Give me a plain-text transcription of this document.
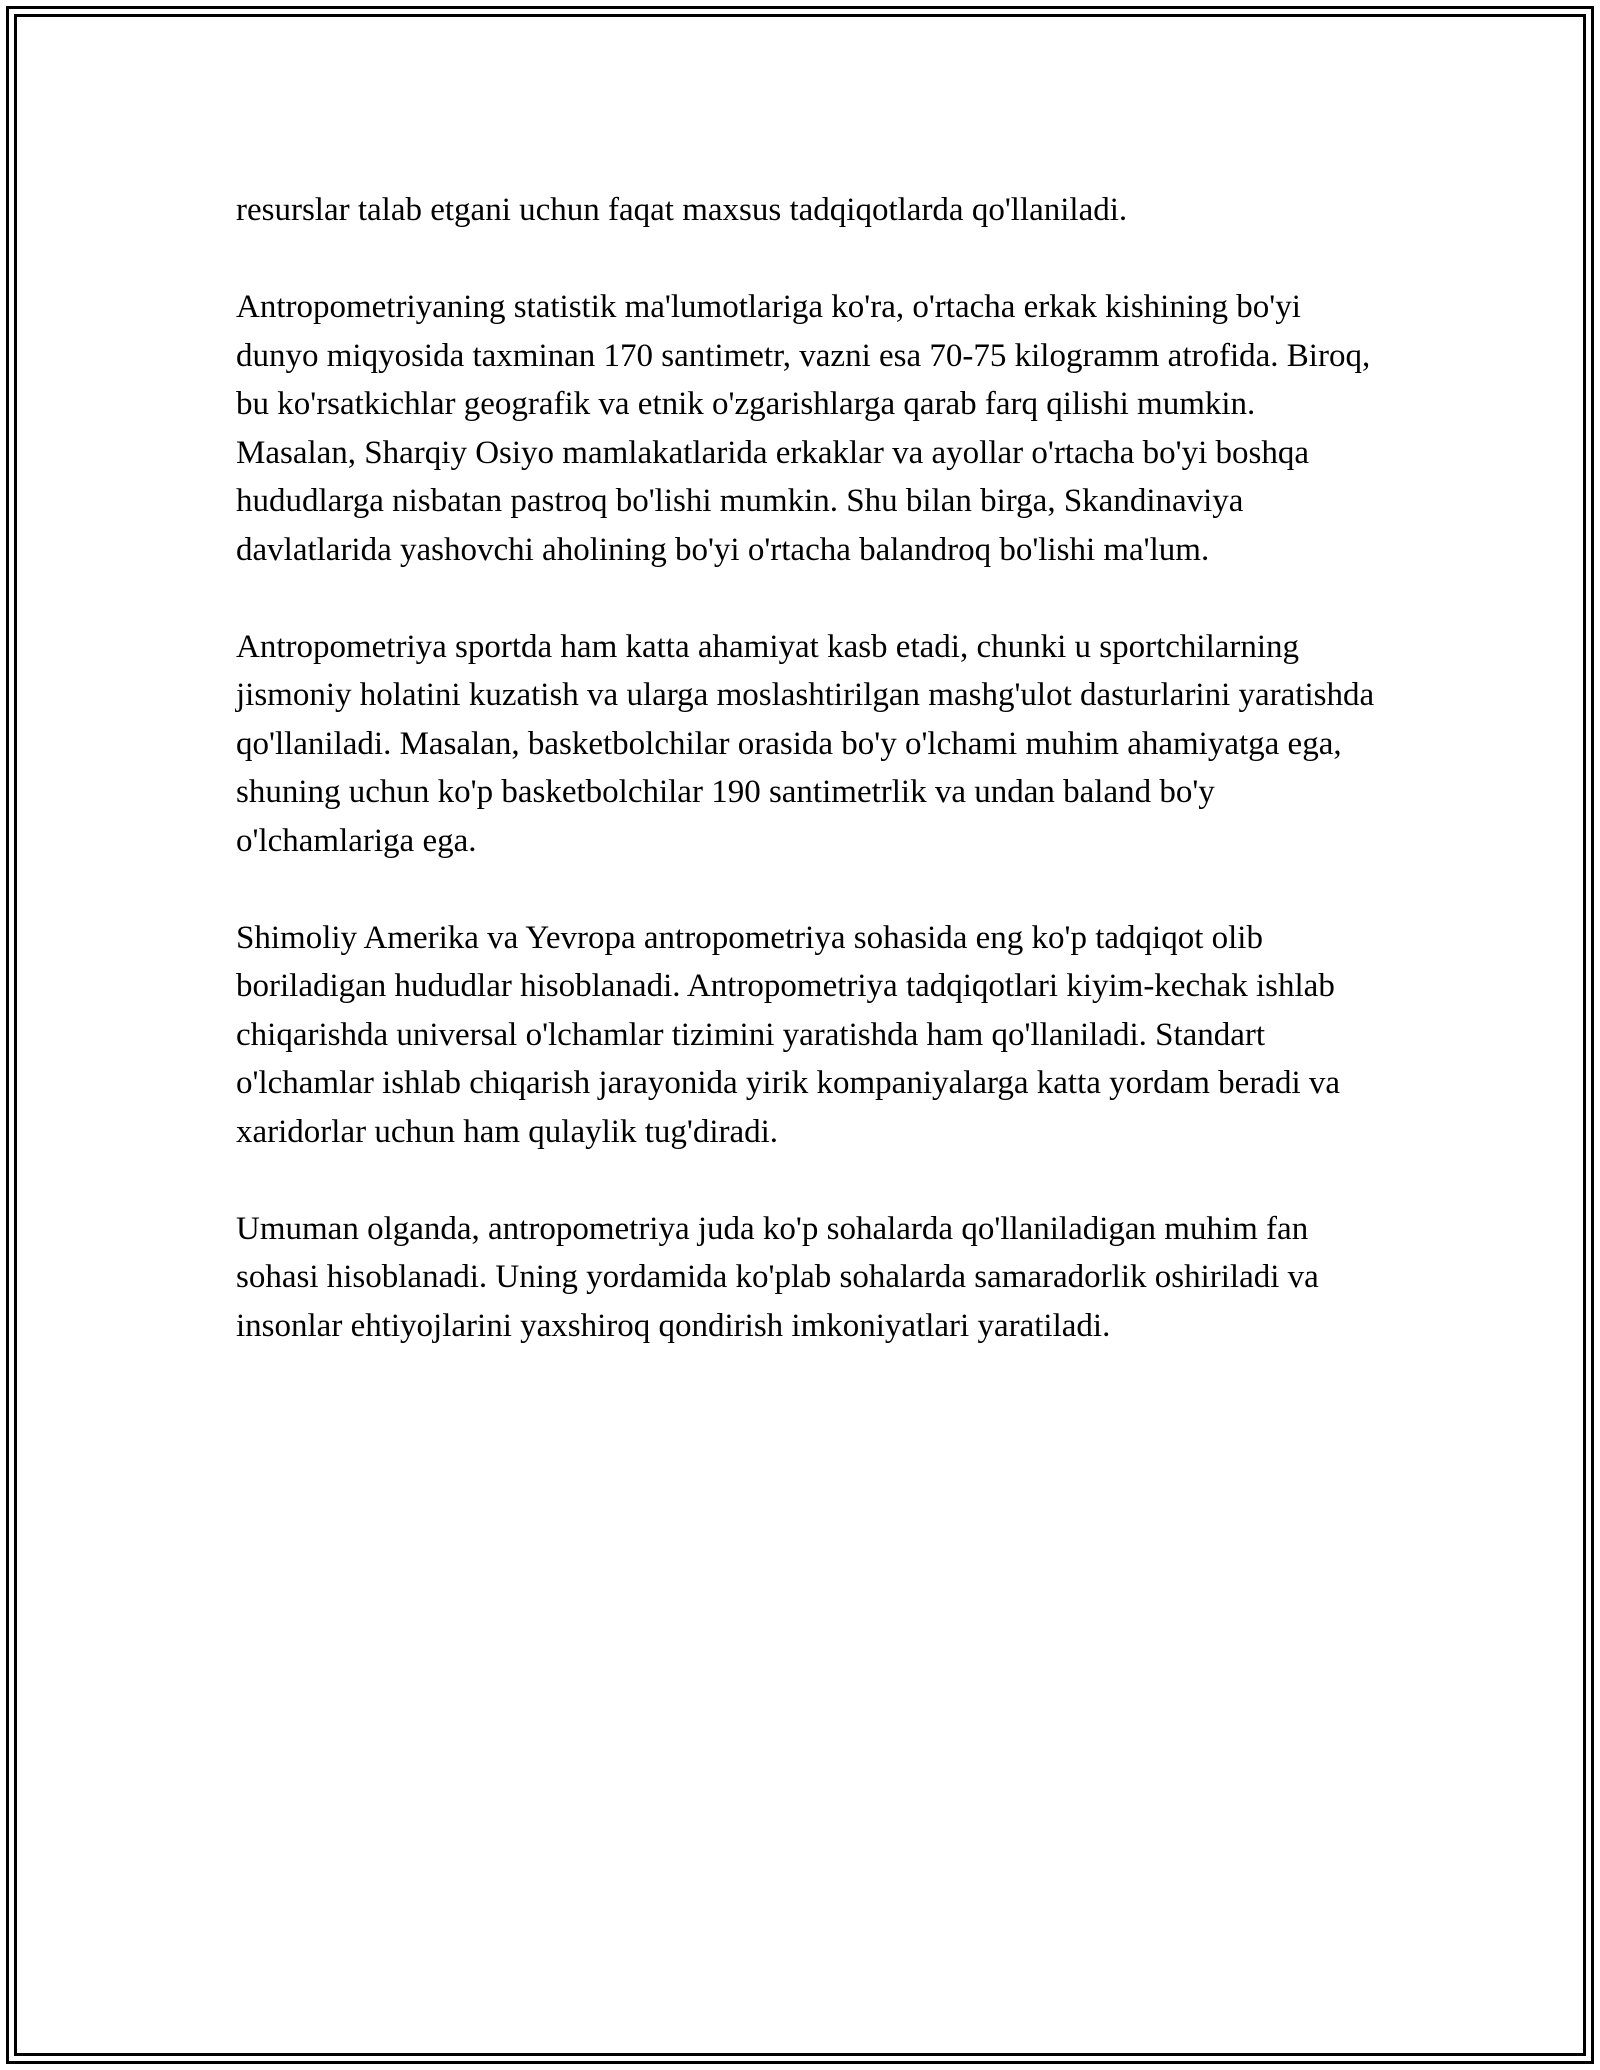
resurslar talab etgani uchun faqat maxsus tadqiqotlarda qo'llaniladi.

Antropometriyaning statistik ma'lumotlariga ko'ra, o'rtacha erkak kishining bo'yi dunyo miqyosida taxminan 170 santimetr, vazni esa 70-75 kilogramm atrofida. Biroq, bu ko'rsatkichlar geografik va etnik o'zgarishlarga qarab farq qilishi mumkin. Masalan, Sharqiy Osiyo mamlakatlarida erkaklar va ayollar o'rtacha bo'yi boshqa hududlarga nisbatan pastroq bo'lishi mumkin. Shu bilan birga, Skandinaviya davlatlarida yashovchi aholining bo'yi o'rtacha balandroq bo'lishi ma'lum.

Antropometriya sportda ham katta ahamiyat kasb etadi, chunki u sportchilarning jismoniy holatini kuzatish va ularga moslashtirilgan mashg'ulot dasturlarini yaratishda qo'llaniladi. Masalan, basketbolchilar orasida bo'y o'lchami muhim ahamiyatga ega, shuning uchun ko'p basketbolchilar 190 santimetrlik va undan baland bo'y o'lchamlariga ega.

Shimoliy Amerika va Yevropa antropometriya sohasida eng ko'p tadqiqot olib boriladigan hududlar hisoblanadi. Antropometriya tadqiqotlari kiyim-kechak ishlab chiqarishda universal o'lchamlar tizimini yaratishda ham qo'llaniladi. Standart o'lchamlar ishlab chiqarish jarayonida yirik kompaniyalarga katta yordam beradi va xaridorlar uchun ham qulaylik tug'diradi.

Umuman olganda, antropometriya juda ko'p sohalarda qo'llaniladigan muhim fan sohasi hisoblanadi. Uning yordamida ko'plab sohalarda samaradorlik oshiriladi va insonlar ehtiyojlarini yaxshiroq qondirish imkoniyatlari yaratiladi.
